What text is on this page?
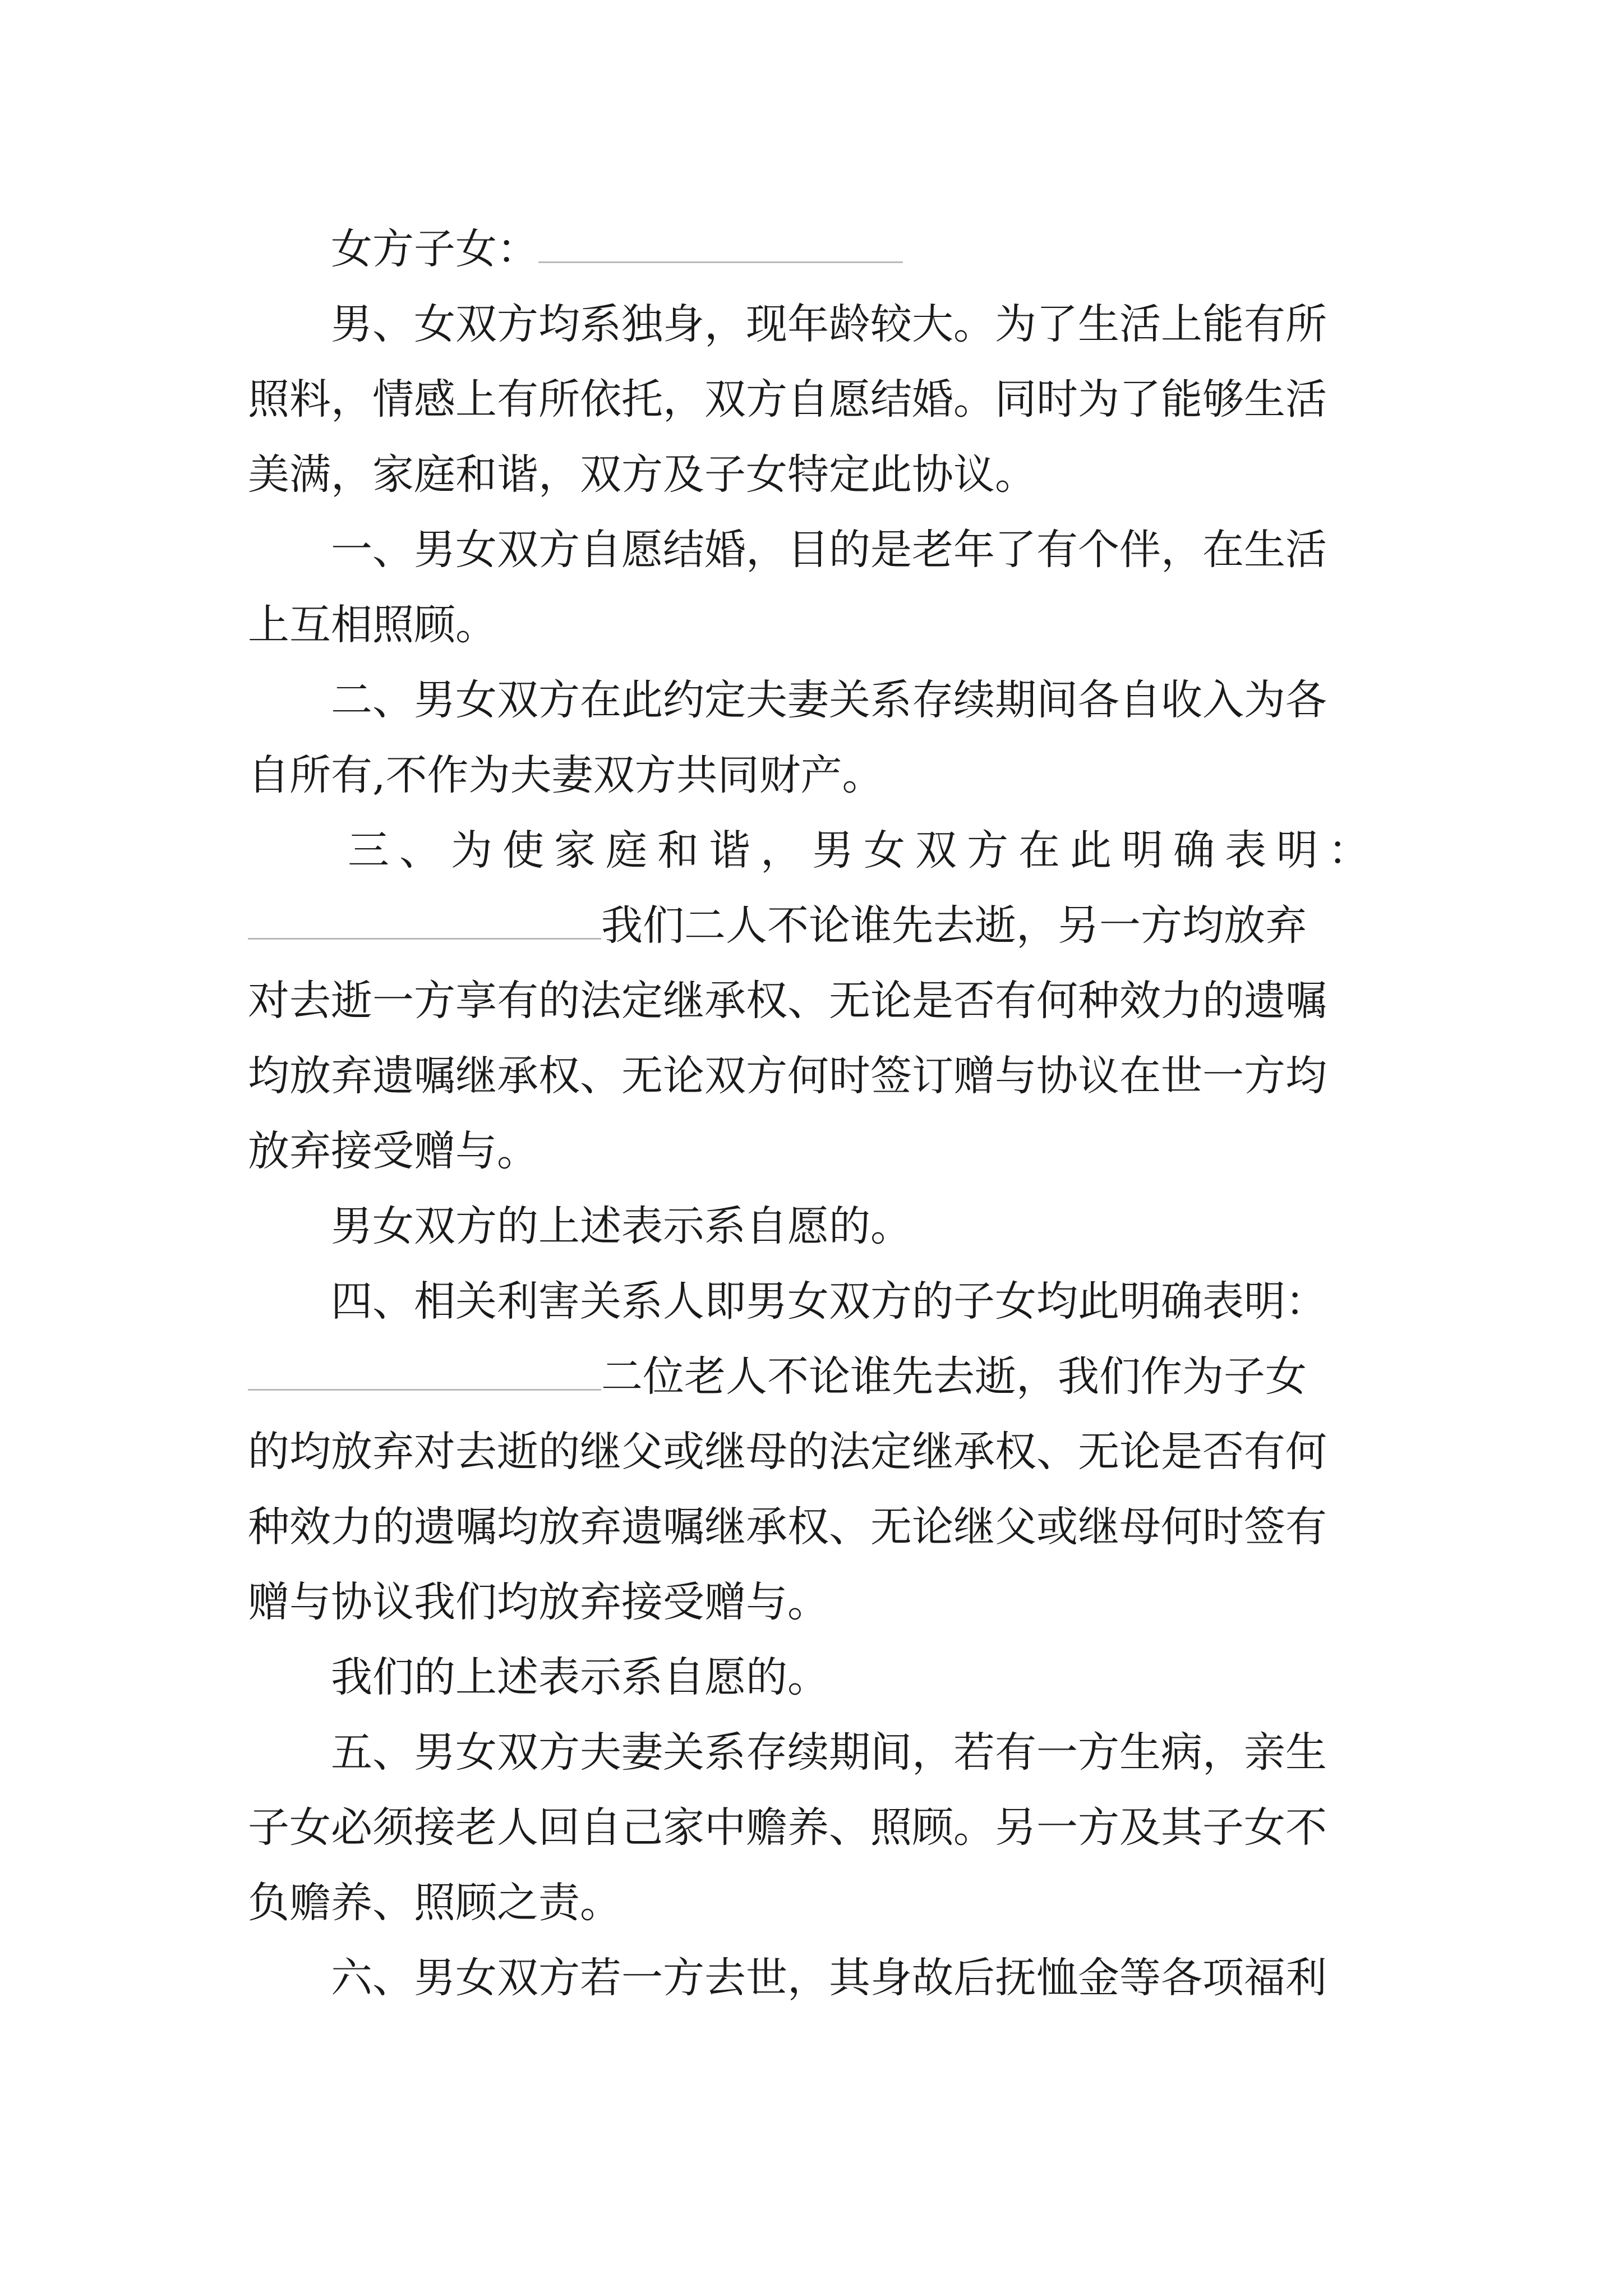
女方子女：
男、女双方均系独身，现年龄较大。为了生活上能有所
照料，情感上有所依托，双方自愿结婚。同时为了能够生活
美满，家庭和谐，双方及子女特定此协议。
一、男女双方自愿结婚，目的是老年了有个伴，在生活
上互相照顾。
二、男女双方在此约定夫妻关系存续期间各自收入为各
自所有,不作为夫妻双方共同财产。
三、为使家庭和谐，男女双方在此明确表明：
我们二人不论谁先去逝，另一方均放弃
对去逝一方享有的法定继承权、无论是否有何种效力的遗嘱
均放弃遗嘱继承权、无论双方何时签订赠与协议在世一方均
放弃接受赠与。
男女双方的上述表示系自愿的。
四、相关利害关系人即男女双方的子女均此明确表明：
二位老人不论谁先去逝，我们作为子女
的均放弃对去逝的继父或继母的法定继承权、无论是否有何
种效力的遗嘱均放弃遗嘱继承权、无论继父或继母何时签有
赠与协议我们均放弃接受赠与。
我们的上述表示系自愿的。
五、男女双方夫妻关系存续期间，若有一方生病，亲生
子女必须接老人回自己家中赡养、照顾。另一方及其子女不
负赡养、照顾之责。
六、男女双方若一方去世，其身故后抚恤金等各项福利
